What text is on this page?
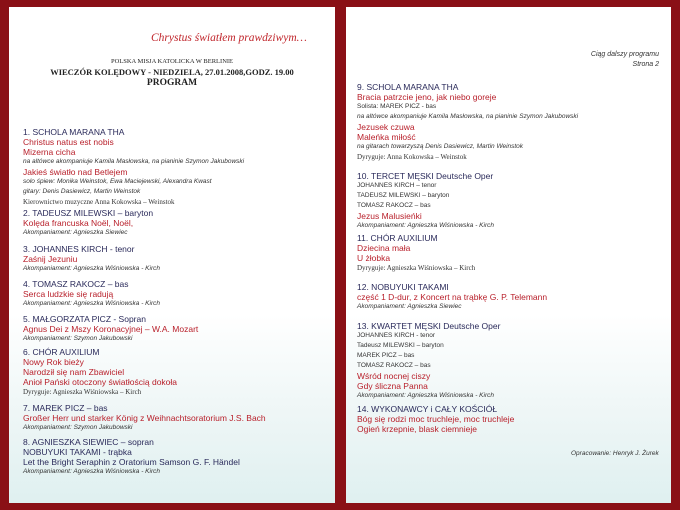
Chrystus światłem prawdziwym…
POLSKA MISJA KATOLICKA W BERLINIE
WIECZÓR KOLĘDOWY - NIEDZIELA, 27.01.2008,GODZ. 19.00
PROGRAM
1. SCHOLA MARANA THA
Christus natus est nobis
Mizerna cicha
na altówce akompaniuje Kamila Masłowska, na pianinie Szymon Jakubowski
Jakieś światło nad Betlejem
solo śpiew: Monika Weinstok, Ewa Maciejewski, Alexandra Kwast
gitary: Denis Dasiewicz, Martin Weinstok
Kierownictwo muzyczne Anna Kokowska – Weinstok
2. TADEUSZ MILEWSKI – baryton
Kolęda francuska Noël, Noël,
Akompaniament: Agnieszka Siewiec
3. JOHANNES KIRCH - tenor
Zaśnij Jezuniu
Akompaniament: Agnieszka Wiśniowska - Kirch
4. TOMASZ RAKOCZ – bas
Serca ludzkie się radują
Akompaniament: Agnieszka Wiśniowska - Kirch
5. MAŁGORZATA PICZ - Sopran
Agnus Dei z Mszy Koronacyjnej – W.A. Mozart
Akompaniament: Szymon Jakubowski
6. CHÓR AUXILIUM
Nowy Rok bieży
Narodził się nam Zbawiciel
Anioł Pański otoczony światłością dokoła
Dyryguje: Agnieszka Wiśniowska – Kirch
7. MAREK PICZ – bas
Großer Herr und starker König z Weihnachtsoratorium J.S. Bach
Akompaniament: Szymon Jakubowski
8. AGNIESZKA SIEWIEC – sopran
NOBUYUKI TAKAMI - trąbka
Let the Bright Seraphin z Oratorium Samson G. F. Händel
Akompaniament: Agnieszka Wiśniowska - Kirch
Ciąg dalszy programu
Strona 2
9. SCHOLA MARANA THA
Bracia patrzcie jeno, jak niebo goreje
Solista: MAREK PICZ - bas
na altówce akompaniuje Kamila Masłowska, na pianinie Szymon Jakubowski
Jezusek czuwa
Maleńka miłość
na gitarach towarzyszą Denis Dasiewicz, Martin Weinstok
Dyryguje: Anna Kokowska – Weinstok
10. TERCET MĘSKI Deutsche Oper
JOHANNES KIRCH – tenor
TADEUSZ MILEWSKI – baryton
TOMASZ RAKOCZ – bas
Jezus Malusieńki
Akompaniament: Agnieszka Wiśniowska - Kirch
11. CHÓR AUXILIUM
Dziecina mała
U żłobka
Dyryguje: Agnieszka Wiśniowska – Kirch
12. NOBUYUKI TAKAMI
część 1 D-dur, z Koncert na trąbkę G. P. Telemann
Akompaniament: Agnieszka Siewiec
13. KWARTET MĘSKI Deutsche Oper
JOHANNES KIRCH - tenor
Tadeusz MILEWSKI – baryton
MAREK PICZ – bas
TOMASZ RAKOCZ – bas
Wśród nocnej ciszy
Gdy śliczna Panna
Akompaniament: Agnieszka Wiśniowska - Kirch
14. WYKONAWCY i CAŁY KOŚCIÓŁ
Bóg się rodzi moc truchleje, moc truchleje
Ogień krzepnie, blask ciemnieje
Opracowanie: Henryk J. Żurek
